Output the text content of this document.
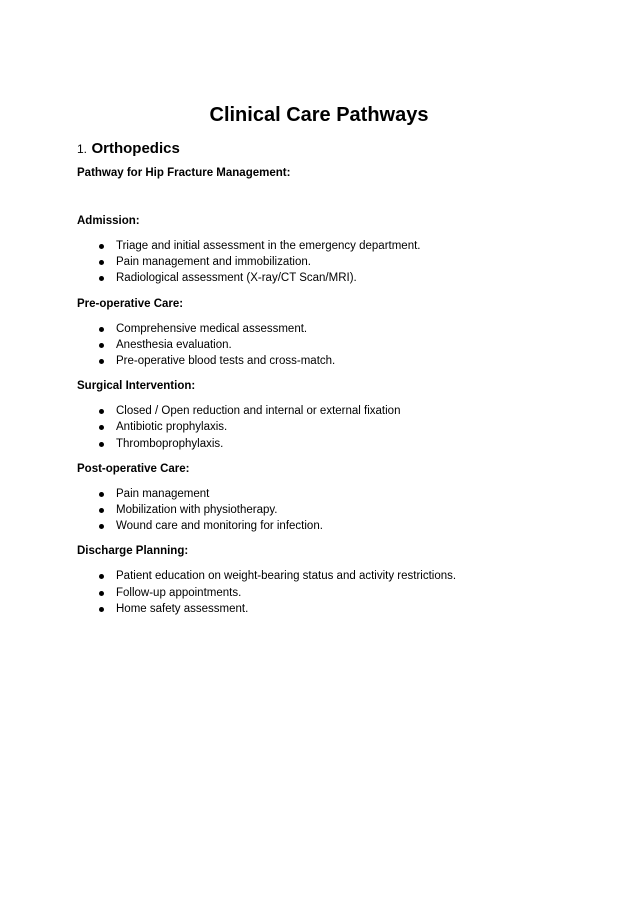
Clinical Care Pathways
1. Orthopedics
Pathway for Hip Fracture Management:
Admission:
Triage and initial assessment in the emergency department.
Pain management and immobilization.
Radiological assessment (X-ray/CT Scan/MRI).
Pre-operative Care:
Comprehensive medical assessment.
Anesthesia evaluation.
Pre-operative blood tests and cross-match.
Surgical Intervention:
Closed / Open reduction and internal or external fixation
Antibiotic prophylaxis.
Thromboprophylaxis.
Post-operative Care:
Pain management
Mobilization with physiotherapy.
Wound care and monitoring for infection.
Discharge Planning:
Patient education on weight-bearing status and activity restrictions.
Follow-up appointments.
Home safety assessment.
